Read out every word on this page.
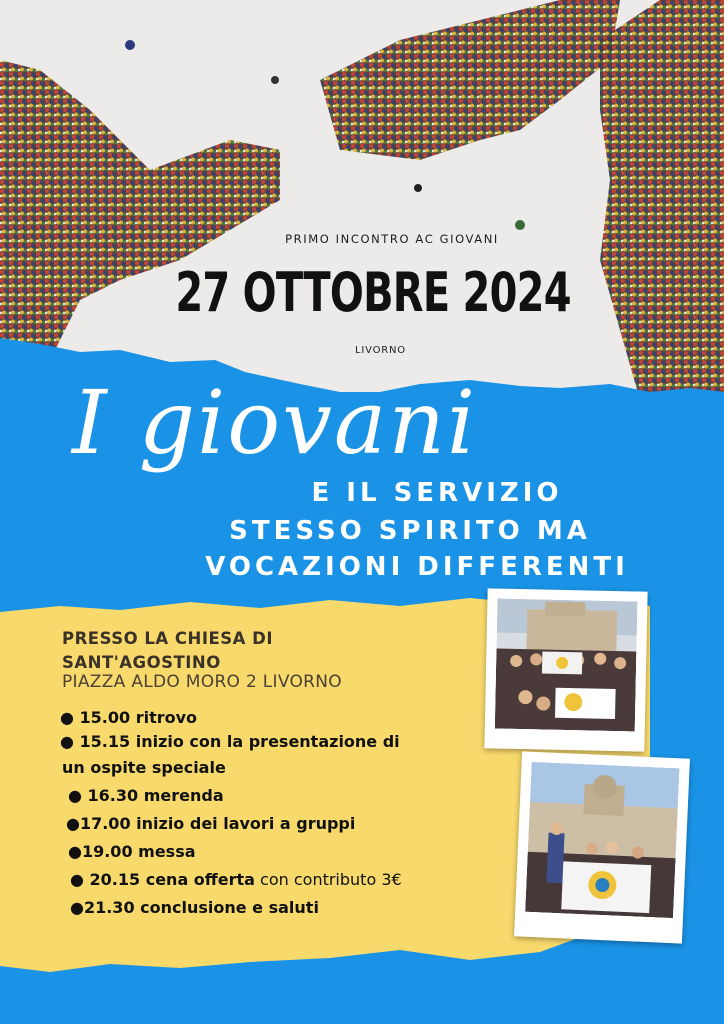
PRIMO INCONTRO AC GIOVANI
27 OTTOBRE 2024
LIVORNO
I giovani
E IL SERVIZIO
STESSO SPIRITO MA
VOCAZIONI DIFFERENTI
PRESSO LA CHIESA DI
SANT'AGOSTINO
PIAZZA ALDO MORO 2 LIVORNO
● 15.00 ritrovo
● 15.15 inizio con la presentazione di
un ospite speciale
● 16.30 merenda
●17.00 inizio dei lavori a gruppi
●19.00 messa
● 20.15 cena offerta con contributo 3€
●21.30 conclusione e saluti
